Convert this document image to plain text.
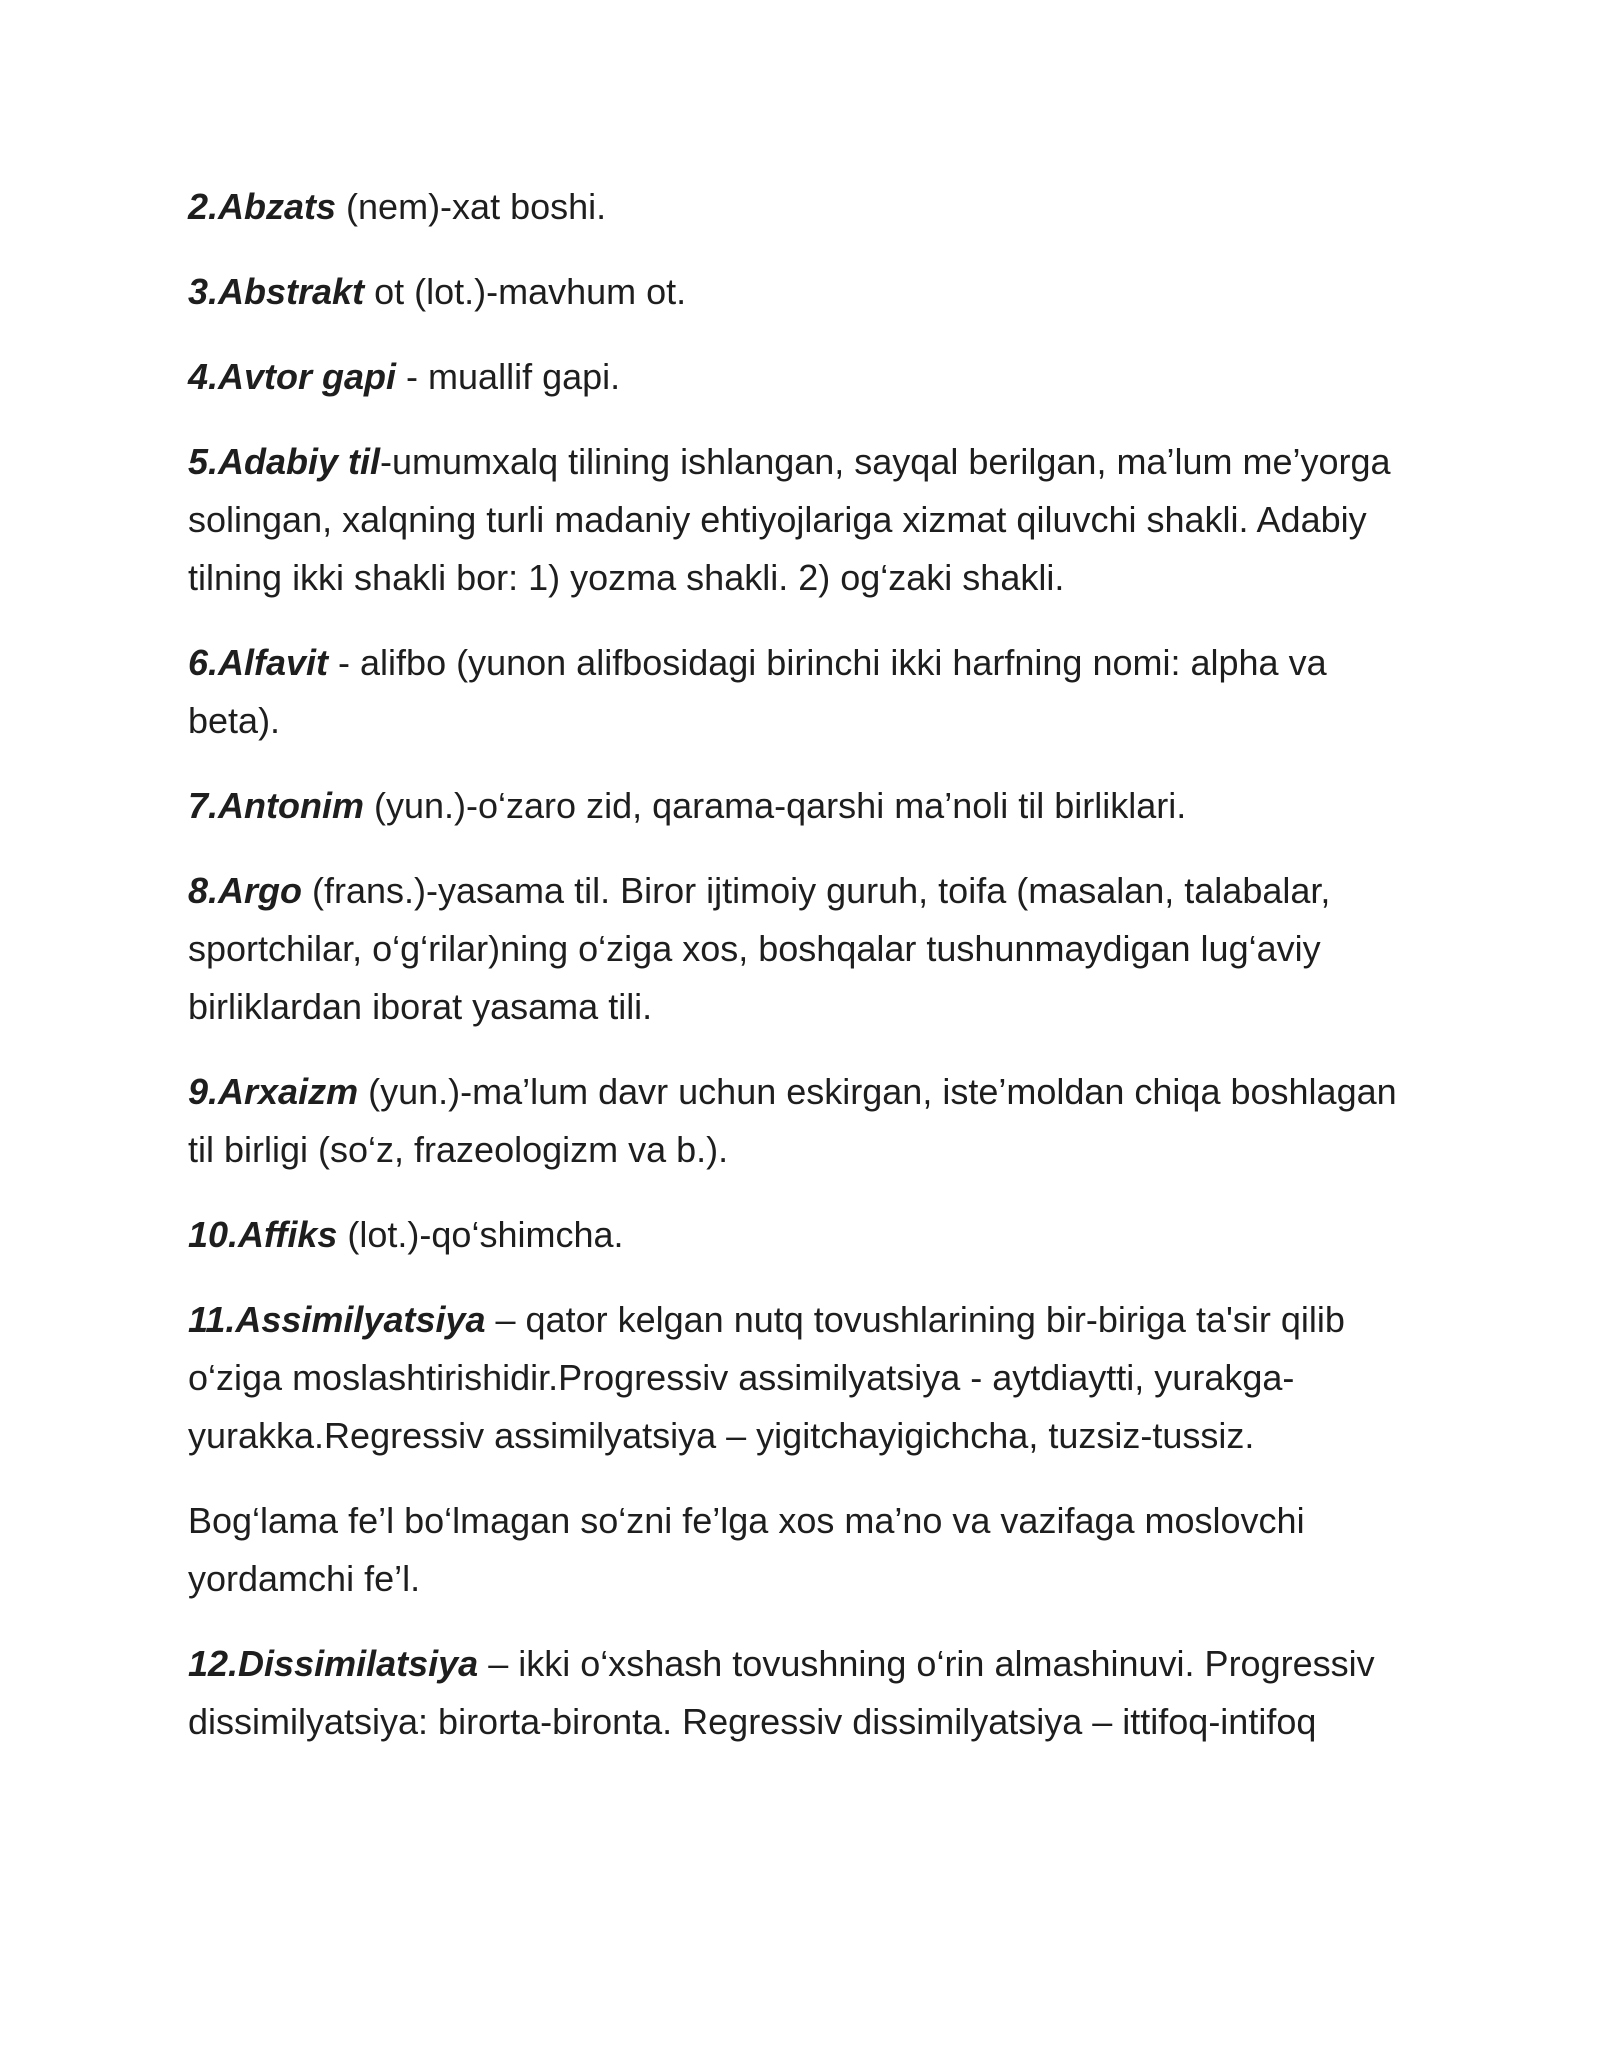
2.Abzats (nem)-xat boshi.

3.Abstrakt ot (lot.)-mavhum ot.

4.Avtor gapi - muallif gapi.

5.Adabiy til-umumxalq tilining ishlangan, sayqal berilgan, ma’lum me’yorga solingan, xalqning turli madaniy ehtiyojlariga xizmat qiluvchi shakli. Adabiy tilning ikki shakli bor: 1) yozma shakli. 2) og‘zaki shakli.

6.Alfavit - alifbo (yunon alifbosidagi birinchi ikki harfning nomi: alpha va beta).

7.Antonim (yun.)-o‘zaro zid, qarama-qarshi ma’noli til birliklari.

8.Argo (frans.)-yasama til. Biror ijtimoiy guruh, toifa (masalan, talabalar, sportchilar, o‘g‘rilar)ning o‘ziga xos, boshqalar tushunmaydigan lug‘aviy birliklardan iborat yasama tili.

9.Arxaizm (yun.)-ma’lum davr uchun eskirgan, iste’moldan chiqa boshlagan til birligi (so‘z, frazeologizm va b.).

10.Affiks (lot.)-qo‘shimcha.

11.Assimilyatsiya – qator kelgan nutq tovushlarining bir-biriga ta'sir qilib o‘ziga moslashtirishidir.Progressiv assimilyatsiya - aytdiaytti, yurakga-yurakka.Regressiv assimilyatsiya – yigitchayigichcha, tuzsiz-tussiz.

Bog‘lama fe’l bo‘lmagan so‘zni fe’lga xos ma’no va vazifaga moslovchi yordamchi fe’l.

12.Dissimilatsiya – ikki o‘xshash tovushning o‘rin almashinuvi. Progressiv dissimilyatsiya: birorta-bironta. Regressiv dissimilyatsiya – ittifoq-intifoq
